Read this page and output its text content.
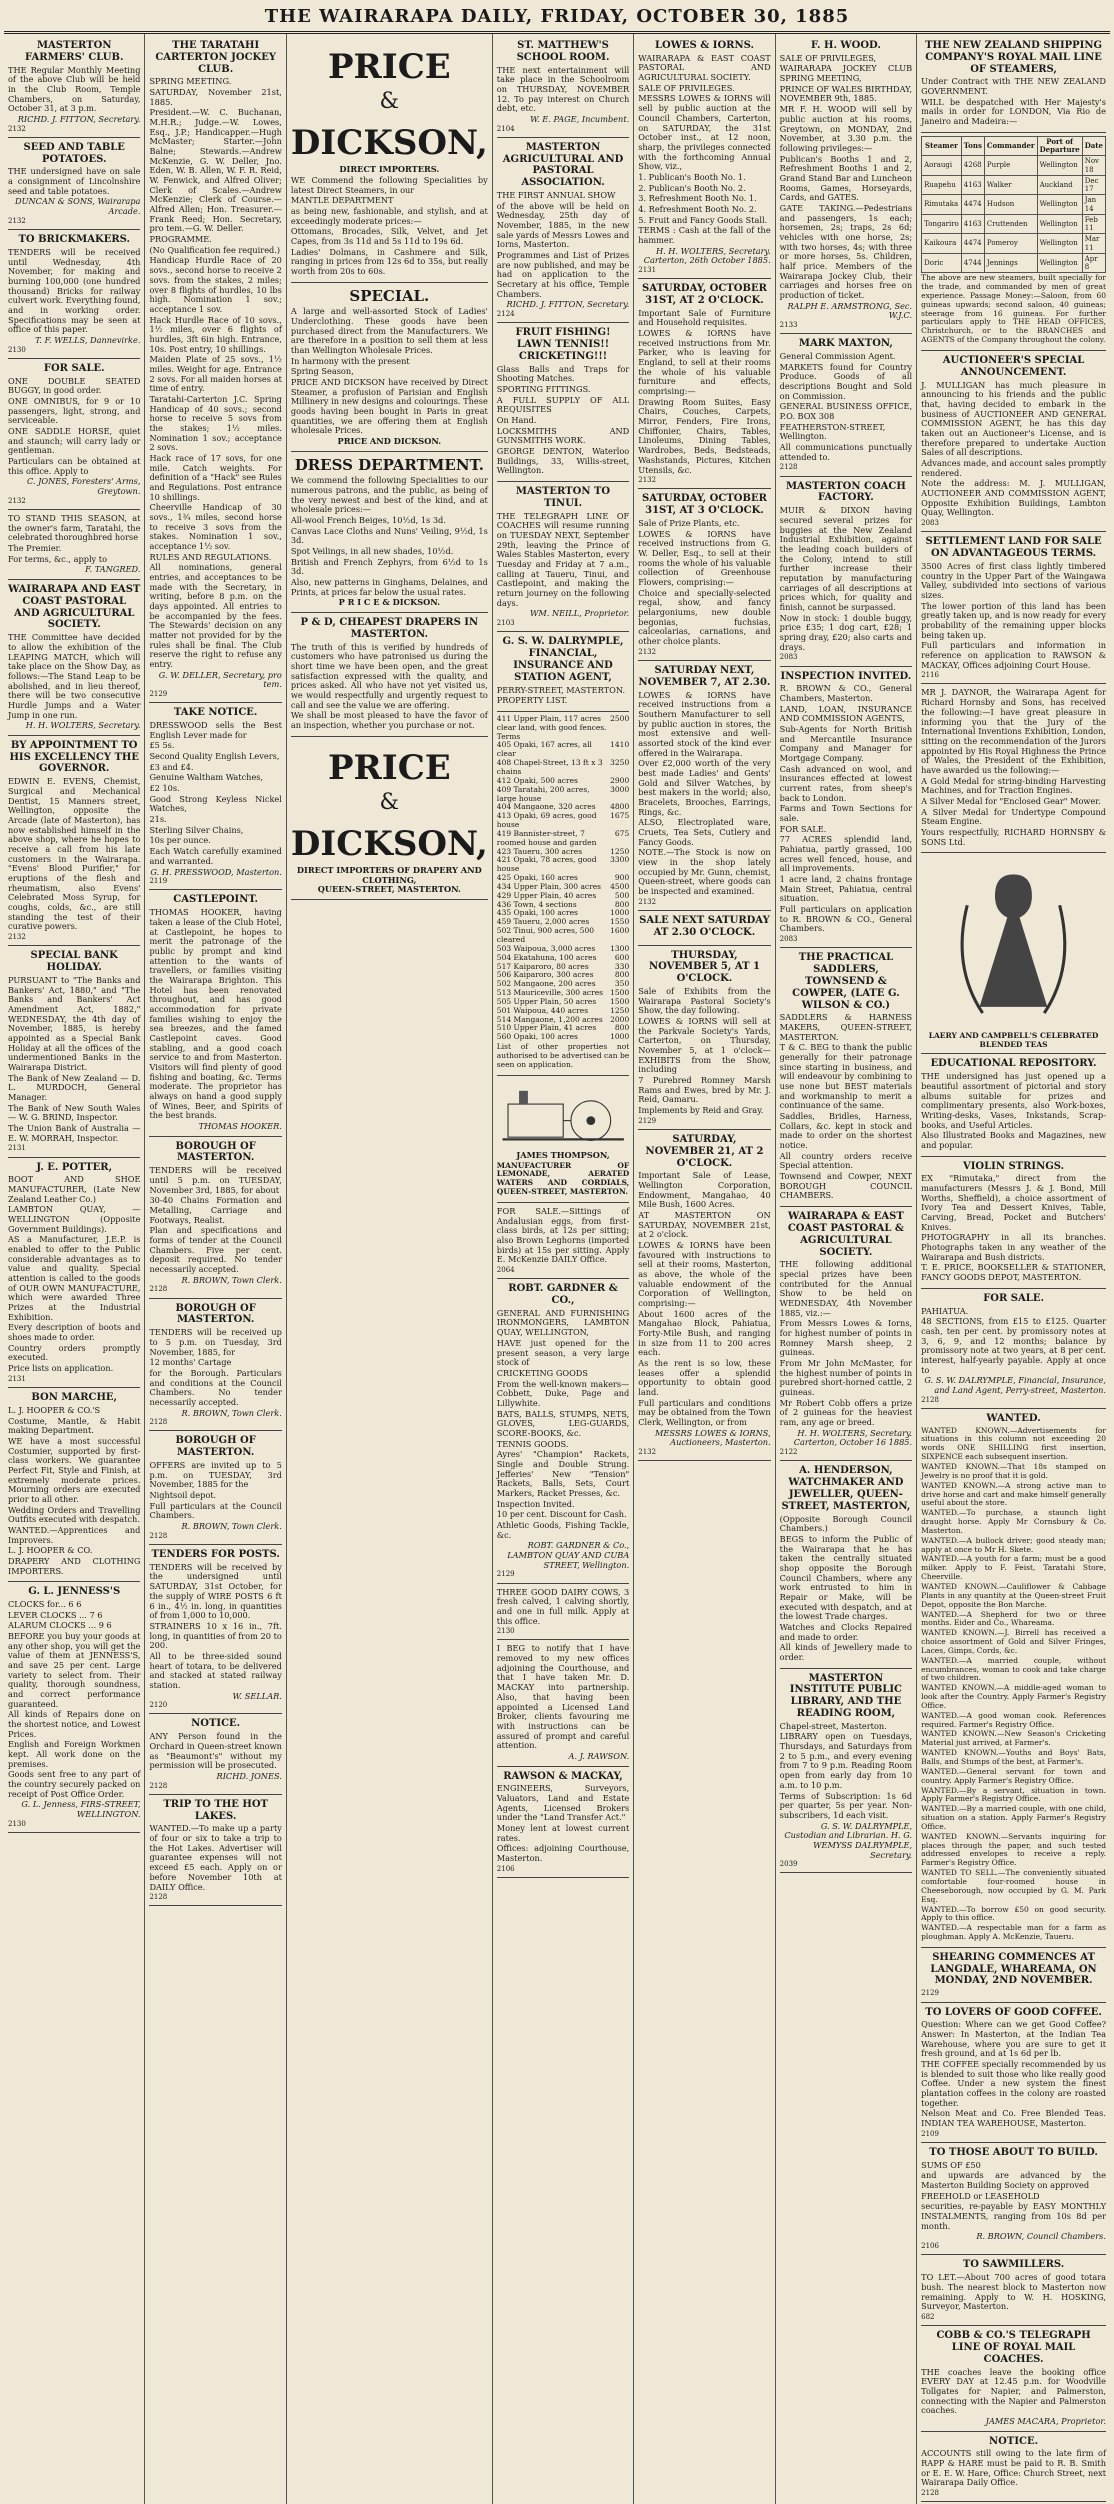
THE WAIRARAPA DAILY, FRIDAY, OCTOBER 30, 1885
MASTERTON FARMERS' CLUB.

THE Regular Monthly Meeting of the above Club will be held in the Club Room, Temple Chambers, on Saturday, October 31, at 3 p.m.

RICHD. J. FITTON, Secretary.
2132
SEED AND TABLE POTATOES.

THE undersigned have on sale a consignment of Lincolnshire seed and table potatoes.

DUNCAN & SONS, Wairarapa Arcade.
2132
TO BRICKMAKERS.

TENDERS will be received until Wednesday, 4th November, for making and burning 100,000 (one hundred thousand) Bricks for railway culvert work. Everything found, and in working order. Specifications may be seen at office of this paper.

T. F. WELLS, Dannevirke.
2130
FOR SALE.

ONE DOUBLE SEATED BUGGY, in good order.

ONE OMNIBUS, for 9 or 10 passengers, light, strong, and serviceable.

ONE SADDLE HORSE, quiet and staunch; will carry lady or gentleman.

Particulars can be obtained at this office. Apply to

C. JONES, Foresters' Arms, Greytown.
2132

TO STAND THIS SEASON, at the owner's farm, Taratahi, the celebrated thoroughbred horse

The Premier.

For terms, &c., apply to

F. TANGRED.
WAIRARAPA AND EAST COAST PASTORAL AND AGRICULTURAL SOCIETY.

THE Committee have decided to allow the exhibition of the LEAPING MATCH, which will take place on the Show Day, as follows:—The Stand Leap to be abolished, and in lieu thereof, there will be two consecutive Hurdle Jumps and a Water Jump in one run.

H. H. WOLTERS, Secretary.
BY APPOINTMENT TO HIS EXCELLENCY THE GOVERNOR.

EDWIN E. EVENS, Chemist, Surgical and Mechanical Dentist, 15 Manners street, Wellington, opposite the Arcade (late of Masterton), has now established himself in the above shop, where he hopes to receive a call from his late customers in the Wairarapa. "Evens' Blood Purifier," for eruptions of the flesh and rheumatism, also Evens' Celebrated Moss Syrup, for coughs, colds, &c., are still standing the test of their curative powers.

2132
SPECIAL BANK HOLIDAY.

PURSUANT to "The Banks and Bankers' Act, 1880," and "The Banks and Bankers' Act Amendment Act, 1882," WEDNESDAY, the 4th day of November, 1885, is hereby appointed as a Special Bank Holiday at all the offices of the undermentioned Banks in the Wairarapa District.

The Bank of New Zealand — D. L. MURDOCH, General Manager.

The Bank of New South Wales — W. G. BRIND, Inspector.

The Union Bank of Australia — E. W. MORRAH, Inspector.

2131
J. E. POTTER,

BOOT AND SHOE MANUFACTURER, (Late New Zealand Leather Co.)

LAMBTON QUAY, — WELLINGTON (Opposite Government Buildings).

AS a Manufacturer, J.E.P. is enabled to offer to the Public considerable advantages as to value and quality. Special attention is called to the goods of OUR OWN MANUFACTURE, which were awarded Three Prizes at the Industrial Exhibition.

Every description of boots and shoes made to order.

Country orders promptly executed.

Price lists on application.

2131
BON MARCHE,

L. J. HOOPER & CO.'S

Costume, Mantle, & Habit making Department.

WE have a most successful Costumier, supported by first-class workers. We guarantee Perfect Fit, Style and Finish, at extremely moderate prices. Mourning orders are executed prior to all other.

Wedding Orders and Travelling Outfits executed with despatch.

WANTED.—Apprentices and Improvers.

L. J. HOOPER & CO.

DRAPERY AND CLOTHING IMPORTERS.

G. L. JENNESS'S

CLOCKS for... 6 6

LEVER CLOCKS ... 7 6

ALARUM CLOCKS ... 9 6

BEFORE you buy your goods at any other shop, you will get the value of them at JENNESS'S, and save 25 per cent. Large variety to select from. Their quality, thorough soundness, and correct performance guaranteed.

All kinds of Repairs done on the shortest notice, and Lowest Prices.

English and Foreign Workmen kept. All work done on the premises.

Goods sent free to any part of the country securely packed on receipt of Post Office Order.

G. L. Jenness, FIRS-STREET, WELLINGTON.
2130
THE TARATAHI CARTERTON JOCKEY CLUB.

SPRING MEETING.

SATURDAY, November 21st, 1885.

President.—W. C. Buchanan, M.H.R.; Judge.—W. Lowes, Esq., J.P.; Handicapper.—Hugh McMaster; Starter.—John Balne; Stewards.—Andrew McKenzie, G. W. Deller, Jno. Eden, W. B. Allen, W. F. R. Reid, W. Fenwick, and Alfred Oliver; Clerk of Scales.—Andrew McKenzie; Clerk of Course.—Alfred Allen; Hon. Treasurer.—Frank Reed; Hon. Secretary, pro tem.—G. W. Deller.

PROGRAMME.

(No Qualification fee required.)

Handicap Hurdle Race of 20 sovs., second horse to receive 2 sovs. from the stakes, 2 miles; over 8 flights of hurdles, 10 lbs high. Nomination 1 sov.; acceptance 1 sov.

Hack Hurdle Race of 10 sovs., 1½ miles, over 6 flights of hurdles, 3ft 6in high. Entrance, 10s. Post entry, 10 shillings.

Maiden Plate of 25 sovs., 1½ miles. Weight for age. Entrance 2 sovs. For all maiden horses at time of entry.

Taratahi-Carterton J.C. Spring Handicap of 40 sovs.; second horse to receive 5 sovs from the stakes; 1½ miles. Nomination 1 sov.; acceptance 2 sovs.

Hack race of 17 sovs, for one mile. Catch weights. For definition of a "Hack" see Rules and Regulations. Post entrance 10 shillings.

Cheerville Handicap of 30 sovs., 1¾ miles, second horse to receive 3 sovs from the stakes. Nomination 1 sov., acceptance 1½ sov.

RULES AND REGULATIONS.

All nominations, general entries, and acceptances to be made with the Secretary, in writing, before 8 p.m. on the days appointed. All entries to be accompanied by the fees. The Stewards' decision on any matter not provided for by the rules shall be final. The Club reserve the right to refuse any entry.

G. W. DELLER, Secretary, pro tem.
2129
TAKE NOTICE.

DRESSWOOD sells the Best English Lever made for

£5 5s.

Second Quality English Levers,

£3 and £4.

Genuine Waltham Watches,

£2 10s.

Good Strong Keyless Nickel Watches,

21s.

Sterling Silver Chains,

10s per ounce.

Each Watch carefully examined and warranted.

G. H. PRESSWOOD, Masterton.
2119
CASTLEPOINT.

THOMAS HOOKER, having taken a lease of the Club Hotel, at Castlepoint, he hopes to merit the patronage of the public by prompt and kind attention to the wants of travellers, or families visiting the Wairarapa Brighton. This Hotel has been renovated throughout, and has good accommodation for private families wishing to enjoy the sea breezes, and the famed Castlepoint caves. Good stabling, and a good coach service to and from Masterton. Visitors will find plenty of good fishing and boating, &c. Terms moderate. The proprietor has always on hand a good supply of Wines, Beer, and Spirits of the best brands.

THOMAS HOOKER.
BOROUGH OF MASTERTON.

TENDERS will be received until 5 p.m. on TUESDAY, November 3rd, 1885, for about

30-40 Chains Formation and Metalling, Carriage and Footways, Realist.

Plan and specifications and forms of tender at the Council Chambers. Five per cent. deposit required. No tender necessarily accepted.

R. BROWN, Town Clerk.
2128
BOROUGH OF MASTERTON.

TENDERS will be received up to 5 p.m. on Tuesday, 3rd November, 1885, for

12 months' Cartage

for the Borough. Particulars and conditions at the Council Chambers. No tender necessarily accepted.

R. BROWN, Town Clerk.
2128
BOROUGH OF MASTERTON.

OFFERS are invited up to 5 p.m. on TUESDAY, 3rd November, 1885 for the

Nightsoil depot.

Full particulars at the Council Chambers.

R. BROWN, Town Clerk.
2128
TENDERS FOR POSTS.

TENDERS will be received by the undersigned until SATURDAY, 31st October, for the supply of WIRE POSTS 6 ft 6 in., 4½ in. long, in quantities of from 1,000 to 10,000.

STRAINERS 10 x 16 in., 7ft. long, in quantities of from 20 to 200.

All to be three-sided sound heart of totara, to be delivered and stacked at stated railway station.

W. SELLAR.
2120
NOTICE.

ANY Person found in the Orchard in Queen-street known as "Beaumont's" without my permission will be prosecuted.

RICHD. JONES.
2128
TRIP TO THE HOT LAKES.

WANTED.—To make up a party of four or six to take a trip to the Hot Lakes. Advertiser will guarantee expenses will not exceed £5 each. Apply on or before November 10th at DAILY Office.

2128
PRICE
&
DICKSON,
DIRECT IMPORTERS.

WE Commend the following Specialities by latest Direct Steamers, in our

MANTLE DEPARTMENT

as being new, fashionable, and stylish, and at exceedingly moderate prices:—

Ottomans, Brocades, Silk, Velvet, and Jet Capes, from 3s 11d and 5s 11d to 19s 6d.

Ladies' Dolmans, in Cashmere and Silk, ranging in prices from 12s 6d to 35s, but really worth from 20s to 60s.

SPECIAL.

A large and well-assorted Stock of Ladies' Underclothing. These goods have been purchased direct from the Manufacturers. We are therefore in a position to sell them at less than Wellington Wholesale Prices.

In harmony with the present

Spring Season,

PRICE AND DICKSON have received by Direct Steamer, a profusion of Parisian and English Millinery in new designs and colourings. These goods having been bought in Paris in great quantities, we are offering them at English wholesale Prices.

PRICE AND DICKSON.
DRESS DEPARTMENT.

We commend the following Specialities to our numerous patrons, and the public, as being of the very newest and best of the kind, and at wholesale prices:—

All-wool French Beiges, 10½d, 1s 3d.

Canvas Lace Cloths and Nuns' Veiling, 9½d, 1s 3d.

Spot Veilings, in all new shades, 10½d.

British and French Zephyrs, from 6½d to 1s 3d.

Also, new patterns in Ginghams, Delaines, and Prints, at prices far below the usual rates.

P R I C E & DICKSON.
P & D, CHEAPEST DRAPERS IN MASTERTON.

The truth of this is verified by hundreds of customers who have patronised us during the short time we have been open, and the great satisfaction expressed with the quality, and prices asked. All who have not yet visited us, we would respectfully and urgently request to call and see the value we are offering.

We shall be most pleased to have the favor of an inspection, whether you purchase or not.

PRICE
&
DICKSON,
DIRECT IMPORTERS OF DRAPERY AND CLOTHING,
QUEEN-STREET, MASTERTON.
ST. MATTHEW'S SCHOOL ROOM.

THE next entertainment will take place in the Schoolroom on THURSDAY, NOVEMBER 12. To pay interest on Church debt, etc.

W. E. PAGE, Incumbent.
2104
MASTERTON AGRICULTURAL AND PASTORAL ASSOCIATION.

THE FIRST ANNUAL SHOW

of the above will be held on Wednesday, 25th day of November, 1885, in the new sale yards of Messrs Lowes and Iorns, Masterton.

Programmes and List of Prizes are now published, and may be had on application to the Secretary at his office, Temple Chambers.

RICHD. J. FITTON, Secretary.
2124
FRUIT FISHING! LAWN TENNIS!! CRICKETING!!!

Glass Balls and Traps for Shooting Matches.

SPORTING FITTINGS.

A FULL SUPPLY OF ALL REQUISITES

On Hand.

LOCKSMITHS AND GUNSMITHS WORK.

GEORGE DENTON, Waterloo Buildings, 33, Willis-street, Wellington.

MASTERTON TO TINUI.

THE TELEGRAPH LINE OF COACHES will resume running on TUESDAY NEXT, September 29th, leaving the Prince of Wales Stables Masterton, every Tuesday and Friday at 7 a.m., calling at Taueru, Tinui, and Castlepoint, and making the return journey on the following days.

WM. NEILL, Proprietor.
2103
G. S. W. DALRYMPLE, FINANCIAL, INSURANCE AND STATION AGENT,

PERRY-STREET, MASTERTON.

PROPERTY LIST.

411 Upper Plain, 117 acres clear land, with good fences. Terms
2500
405 Opaki, 167 acres, all clear
1410
408 Chapel-Street, 13 ft x 3 chains
3250
412 Opaki, 500 acres	2900
409 Taratahi, 200 acres, large house
3000
404 Mangaone, 320 acres 4800
413 Opaki, 69 acres, good house
1675
419 Bannister-street, 7 roomed house and garden
675
423 Taueru, 300 acres	1250
421 Opaki, 78 acres, good house
3300
425 Opaki, 160 acres	900
434 Upper Plain, 300 acres 4500
429 Upper Plain, 40 acres 500
436 Town, 4 sections	800
435 Opaki, 100 acres	1000
459 Taueru, 2,000 acres	1550
502 Tinui, 900 acres, 500 cleared
1600
503 Waipoua, 3,000 acres 1300
504 Ekatahuna, 100 acres 600
517 Kaiparoro, 80 acres	330
506 Kaiparoro, 300 acres	800
502 Mangaone, 200 acres	350
513 Mauriceville, 300 acres 1500
505 Upper Plain, 50 acres 1500
501 Waipoua, 440 acres	1250
514 Mangaone, 1,200 acres 2000
510 Upper Plain, 41 acres 800
560 Opaki, 100 acres	1000

List of other properties not authorised to be advertised can be seen on application.

JAMES THOMPSON,

MANUFACTURER OF LEMONADE, AERATED WATERS AND CORDIALS, QUEEN-STREET, MASTERTON.

FOR SALE.—Sittings of Andalusian eggs, from first-class birds, at 12s per sitting; also Brown Leghorns (imported birds) at 15s per sitting. Apply E. McKenzie DAILY Office.

2064
ROBT. GARDNER & CO.,

GENERAL AND FURNISHING IRONMONGERS, LAMBTON QUAY, WELLINGTON,

HAVE just opened for the present season, a very large stock of

CRICKETING GOODS

From the well-known makers—Cobbett, Duke, Page and Lillywhite.

BATS, BALLS, STUMPS, NETS, GLOVES, LEG-GUARDS, SCORE-BOOKS, &c.

TENNIS GOODS.

Ayres' "Champion" Rackets, Single and Double Strung. Jefferies' New "Tension" Rackets, Balls, Sets, Court Markers, Racket Presses, &c.

Inspection Invited.

10 per cent. Discount for Cash.

Athletic Goods, Fishing Tackle, &c.

ROBT. GARDNER & Co., LAMBTON QUAY AND CUBA STREET, Wellington.
2129

THREE GOOD DAIRY COWS, 3 fresh calved, 1 calving shortly, and one in full milk. Apply at this office.

2130

I BEG to notify that I have removed to my new offices adjoining the Courthouse, and that I have taken Mr. D. MACKAY into partnership. Also, that having been appointed a Licensed Land Broker, clients favouring me with instructions can be assured of prompt and careful attention.

A. J. RAWSON.
RAWSON & MACKAY,

ENGINEERS, Surveyors, Valuators, Land and Estate Agents, Licensed Brokers under the "Land Transfer Act."

Money lent at lowest current rates.

Offices: adjoining Courthouse, Masterton.

2106
LOWES & IORNS.

WAIRARAPA & EAST COAST PASTORAL AND AGRICULTURAL SOCIETY.

SALE OF PRIVILEGES.

MESSRS LOWES & IORNS will sell by public auction at the Council Chambers, Carterton, on SATURDAY, the 31st October inst., at 12 noon, sharp, the privileges connected with the forthcoming Annual Show, viz.,

1. Publican's Booth No. 1.

2. Publican's Booth No. 2.

3. Refreshment Booth No. 1.

4. Refreshment Booth No. 2.

5. Fruit and Fancy Goods Stall.

TERMS : Cash at the fall of the hammer.

H. H. WOLTERS, Secretary. Carterton, 26th October 1885.
2131
SATURDAY, OCTOBER 31ST, AT 2 O'CLOCK.

Important Sale of Furniture and Household requisites.

LOWES & IORNS have received instructions from Mr. Parker, who is leaving for England, to sell at their rooms the whole of his valuable furniture and effects, comprising:—

Drawing Room Suites, Easy Chairs, Couches, Carpets, Mirror, Fenders, Fire Irons, Chiffonier, Chairs, Tables, Linoleums, Dining Tables, Wardrobes, Beds, Bedsteads, Washstands, Pictures, Kitchen Utensils, &c.

2132
SATURDAY, OCTOBER 31ST, AT 3 O'CLOCK.

Sale of Prize Plants, etc.

LOWES & IORNS have received instructions from G. W. Deller, Esq., to sell at their rooms the whole of his valuable collection of Greenhouse Flowers, comprising:—

Choice and specially-selected regal, show, and fancy pelargoniums, new double begonias, fuchsias, calceolarias, carnations, and other choice plants.

2132
SATURDAY NEXT, NOVEMBER 7, AT 2.30.

LOWES & IORNS have received instructions from a Southern Manufacturer to sell by public auction in stores, the most extensive and well-assorted stock of the kind ever offered in the Wairarapa.

Over £2,000 worth of the very best made Ladies' and Gents' Gold and Silver Watches, by best makers in the world; also, Bracelets, Brooches, Earrings, Rings, &c.

ALSO, Electroplated ware, Cruets, Tea Sets, Cutlery and Fancy Goods.

NOTE.—The Stock is now on view in the shop lately occupied by Mr. Gunn, chemist, Queen-street, where goods can be inspected and examined.

2132
SALE NEXT SATURDAY AT 2.30 O'CLOCK.
THURSDAY, NOVEMBER 5, AT 1 O'CLOCK.

Sale of Exhibits from the Wairarapa Pastoral Society's Show, the day following.

LOWES & IORNS will sell at the Parkvale Society's Yards, Carterton, on Thursday, November 5, at 1 o'clock—EXHIBITS from the Show, including

7 Purebred Romney Marsh Rams and Ewes, bred by Mr. J. Reid, Oamaru.

Implements by Reid and Gray.

2129
SATURDAY, NOVEMBER 21, AT 2 O'CLOCK.

Important Sale of Lease, Wellington Corporation, Endowment, Mangahao, 40 Mile Bush, 1600 Acres.

AT MASTERTON ON SATURDAY, NOVEMBER 21st, at 2 o'clock.

LOWES & IORNS have been favoured with instructions to sell at their rooms, Masterton, as above, the whole of the valuable endowment of the Corporation of Wellington, comprising:—

About 1600 acres of the Mangahao Block, Pahiatua, Forty-Mile Bush, and ranging in size from 11 to 200 acres each.

As the rent is so low, these leases offer a splendid opportunity to obtain good land.

Full particulars and conditions may be obtained from the Town Clerk, Wellington, or from

MESSRS LOWES & IORNS, Auctioneers, Masterton.
2132
F. H. WOOD.

SALE OF PRIVILEGES,

WAIRARAPA JOCKEY CLUB SPRING MEETING,

PRINCE OF WALES BIRTHDAY, NOVEMBER 9th, 1885.

MR F. H. WOOD will sell by public auction at his rooms, Greytown, on MONDAY, 2nd November, at 3.30 p.m. the following privileges:—

Publican's Booths 1 and 2, Refreshment Booths 1 and 2, Grand Stand Bar and Luncheon Rooms, Games, Horseyards, Cards, and GATES.

GATE TAKING.—Pedestrians and passengers, 1s each; horsemen, 2s; traps, 2s 6d; vehicles with one horse, 2s; with two horses, 4s; with three or more horses, 5s. Children, half price. Members of the Wairarapa Jockey Club, their carriages and horses free on production of ticket.

RALPH E. ARMSTRONG, Sec. W.J.C.
2133
MARK MAXTON,

General Commission Agent.

MARKETS found for Country Produce. Goods of all descriptions Bought and Sold on Commission.

GENERAL BUSINESS OFFICE, P.O. BOX 308

FEATHERSTON-STREET, Wellington.

All communications punctually attended to.

2128
MASTERTON COACH FACTORY.

MUIR & DIXON having secured several prizes for buggies at the New Zealand Industrial Exhibition, against the leading coach builders of the Colony, intend to still further increase their reputation by manufacturing carriages of all descriptions at prices which, for quality and finish, cannot be surpassed.

Now in stock: 1 double buggy, price £35; 1 dog cart, £28; 1 spring dray, £20; also carts and drays.

2083
INSPECTION INVITED.

R. BROWN & CO., General Chambers, Masterton.

LAND, LOAN, INSURANCE AND COMMISSION AGENTS,

Sub-Agents for North British and Mercantile Insurance Company and Manager for Mortgage Company.

Cash advanced on wool, and insurances effected at lowest current rates, from sheep's back to London.

Farms and Town Sections for sale.

FOR SALE.

77 ACRES splendid land, Pahiatua, partly grassed, 100 acres well fenced, house, and all improvements.

1 acre land, 2 chains frontage Main Street, Pahiatua, central situation.

Full particulars on application to R. BROWN & CO., General Chambers.

2083
THE PRACTICAL SADDLERS, TOWNSEND & COWPER, (LATE G. WILSON & CO.)

SADDLERS & HARNESS MAKERS, QUEEN-STREET, MASTERTON.

T & C. BEG to thank the public generally for their patronage since starting in business, and will endeavour by combining to use none but BEST materials and workmanship to merit a continuance of the same.

Saddles, Bridles, Harness, Collars, &c. kept in stock and made to order on the shortest notice.

All country orders receive Special attention.

Townsend and Cowper, NEXT BOROUGH COUNCIL CHAMBERS.

WAIRARAPA & EAST COAST PASTORAL & AGRICULTURAL SOCIETY.

THE following additional special prizes have been contributed for the Annual Show to be held on WEDNESDAY, 4th November 1885, viz.:—

From Messrs Lowes & Iorns, for highest number of points in Romney Marsh sheep, 2 guineas.

From Mr John McMaster, for the highest number of points in purebred short-horned cattle, 2 guineas.

Mr Robert Cobb offers a prize of 2 guineas for the heaviest ram, any age or breed.

H. H. WOLTERS, Secretary. Carterton, October 16 1885.
2122
A. HENDERSON, WATCHMAKER AND JEWELLER, QUEEN-STREET, MASTERTON,

(Opposite Borough Council Chambers.)

BEGS to inform the Public of the Wairarapa that he has taken the centrally situated shop opposite the Borough Council Chambers, where any work entrusted to him in Repair or Make, will be executed with despatch, and at the lowest Trade charges.

Watches and Clocks Repaired and made to order.

All kinds of Jewellery made to order.

MASTERTON INSTITUTE PUBLIC LIBRARY, AND THE READING ROOM,

Chapel-street, Masterton.

LIBRARY open on Tuesdays, Thursdays, and Saturdays from 2 to 5 p.m., and every evening from 7 to 9 p.m. Reading Room open from early day from 10 a.m. to 10 p.m.

Terms of Subscription: 1s 6d per quarter, 5s per year. Non-subscribers, 1d each visit.

G. S. W. DALRYMPLE, Custodian and Librarian. H. G. WEMYSS DALRYMPLE, Secretary.
2039
THE NEW ZEALAND SHIPPING COMPANY'S ROYAL MAIL LINE OF STEAMERS,

Under Contract with THE NEW ZEALAND GOVERNMENT.

WILL be despatched with Her Majesty's mails in order for LONDON, Via Rio de Janeiro and Madeira:—

Steamer	Tons	Commander	Port of Departure	Date
Aoraugi	4268	Purple	Wellington	Nov 18
Ruapehu	4163	Walker	Auckland	Dec 17
Rimutaka	4474	Hudson	Wellington	Jan 14
Tongariro	4163	Cruttenden	Wellington	Feb 11
Kaikoura	4474	Pomeroy	Wellington	Mar 11
Doric	4744	Jennings	Wellington	Apr 8

The above are new steamers, built specially for the trade, and commanded by men of great experience. Passage Money:—Saloon, from 60 guineas upwards; second saloon, 40 guineas; steerage from 16 guineas. For further particulars apply to THE HEAD OFFICES, Christchurch, or to the BRANCHES and AGENTS of the Company throughout the colony.

AUCTIONEER'S SPECIAL ANNOUNCEMENT.

J. MULLIGAN has much pleasure in announcing to his friends and the public that, having decided to embark in the business of AUCTIONEER AND GENERAL COMMISSION AGENT, he has this day taken out an Auctioneer's License, and is therefore prepared to undertake Auction Sales of all descriptions.

Advances made, and account sales promptly rendered.

Note the address: M. J. MULLIGAN, AUCTIONEER AND COMMISSION AGENT, Opposite Exhibition Buildings, Lambton Quay, Wellington.

2083
SETTLEMENT LAND FOR SALE ON ADVANTAGEOUS TERMS.

3500 Acres of first class lightly timbered country in the Upper Part of the Waingawa Valley, subdivided into sections of various sizes.

The lower portion of this land has been greatly taken up, and is now ready for every probability of the remaining upper blocks being taken up.

Full particulars and information in reference on application to RAWSON & MACKAY, Offices adjoining Court House.

2116

MR J. DAYNOR, the Wairarapa Agent for Richard Hornsby and Sons, has received the following:—I have great pleasure in informing you that the Jury of the International Inventions Exhibition, London, sitting on the recommendation of the Jurors appointed by His Royal Highness the Prince of Wales, the President of the Exhibition, have awarded us the following:—

A Gold Medal for string-binding Harvesting Machines, and for Traction Engines.

A Silver Medal for "Enclosed Gear" Mower.

A Silver Medal for Undertype Compound Steam Engine.

Yours respectfully, RICHARD HORNSBY & SONS Ltd.

LAERY AND CAMPBELL'S CELEBRATED BLENDED TEAS
EDUCATIONAL REPOSITORY.

THE undersigned has just opened up a beautiful assortment of pictorial and story albums suitable for prizes and complimentary presents, also Work-boxes, Writing-desks, Vases, Inkstands, Scrap-books, and Useful Articles.

Also Illustrated Books and Magazines, new and popular.

VIOLIN STRINGS.

EX "Rimutaka," direct from the manufacturers (Messrs J. & J. Bond, Mill Worths, Sheffield), a choice assortment of Ivory Tea and Dessert Knives, Table, Carving, Bread, Pocket and Butchers' Knives.

PHOTOGRAPHY in all its branches. Photographs taken in any weather of the Wairarapa and Bush districts.

T. E. PRICE, BOOKSELLER & STATIONER, FANCY GOODS DEPOT, MASTERTON.

FOR SALE.

PAHIATUA.

48 SECTIONS, from £15 to £125. Quarter cash, ten per cent. by promissory notes at 3, 6, 9, and 12 months; balance by promissory note at two years, at 8 per cent. interest, half-yearly payable. Apply at once to

G. S. W. DALRYMPLE, Financial, Insurance, and Land Agent, Perry-street, Masterton.
2128
WANTED.

WANTED KNOWN.—Advertisements for situations in this column not exceeding 20 words ONE SHILLING first insertion, SIXPENCE each subsequent insertion.

WANTED KNOWN.—That 18s stamped on Jewelry is no proof that it is gold.

WANTED KNOWN.—A strong active man to drive horse and cart and make himself generally useful about the store.

WANTED.—To purchase, a staunch light draught horse. Apply Mr Cornsbury & Co. Masterton.

WANTED.—A bullock driver; good steady man; apply at once to Mr H. Skete.

WANTED.—A youth for a farm; must be a good milker. Apply to F. Feist, Taratahi Store, Cheerville.

WANTED KNOWN.—Cauliflower & Cabbage Plants in any quantity at the Queen-street Fruit Depot, opposite the Bon Marche.

WANTED.—A Shepherd for two or three months. Eider and Co., Whareama.

WANTED KNOWN.—J. Birrell has received a choice assortment of Gold and Silver Fringes, Laces, Gimps, Cords, &c.

WANTED.—A married couple, without encumbrances, woman to cook and take charge of two children.

WANTED KNOWN.—A middle-aged woman to look after the Country. Apply Farmer's Registry Office.

WANTED.—A good woman cook. References required. Farmer's Registry Office.

WANTED KNOWN.—New Season's Cricketing Material just arrived, at Farmer's.

WANTED KNOWN.—Youths and Boys' Bats, Balls, and Stumps of the best, at Farmer's.

WANTED.—General servant for town and country. Apply Farmer's Registry Office.

WANTED.—By a servant, situation in town. Apply Farmer's Registry Office.

WANTED.—By a married couple, with one child, situation on a station. Apply Farmer's Registry Office.

WANTED KNOWN.—Servants inquiring for places through the paper, and such tested addressed envelopes to receive a reply. Farmer's Registry Office.

WANTED TO SELL.—The conveniently situated comfortable four-roomed house in Cheeseborough, now occupied by G. M. Park Esq.

WANTED.—To borrow £50 on good security. Apply to this office.

WANTED.—A respectable man for a farm as ploughman. Apply A. McKenzie, Taueru.

SHEARING COMMENCES AT LANGDALE, WHAREAMA, ON MONDAY, 2ND NOVEMBER.
2129
TO LOVERS OF GOOD COFFEE.

Question: Where can we get Good Coffee? Answer: In Masterton, at the Indian Tea Warehouse, where you are sure to get it fresh ground, and at 1s 6d per lb.

THE COFFEE specially recommended by us is blended to suit those who like really good Coffee. Under a new system the finest plantation coffees in the colony are roasted together.

Nelson Meat and Co. Free Blended Teas. INDIAN TEA WAREHOUSE, Masterton.

2109
TO THOSE ABOUT TO BUILD.

SUMS OF £50

and upwards are advanced by the Masterton Building Society on approved

FREEHOLD or LEASEHOLD

securities, re-payable by EASY MONTHLY INSTALMENTS, ranging from 10s 8d per month.

R. BROWN, Council Chambers.
2106
TO SAWMILLERS.

TO LET.—About 700 acres of good totara bush. The nearest block to Masterton now remaining. Apply to W. H. HOSKING, Surveyor, Masterton.

682
COBB & CO.'S TELEGRAPH LINE OF ROYAL MAIL COACHES.

THE coaches leave the booking office EVERY DAY at 12.45 p.m. for Woodville Tollgates for Napier, and Palmerston, connecting with the Napier and Palmerston coaches.

JAMES MACARA, Proprietor.
NOTICE.

ACCOUNTS still owing to the late firm of RAPP & HARE must be paid to R. B. Smith or E. E. W. Hare, Office: Church Street, next Wairarapa Daily Office.

2128
